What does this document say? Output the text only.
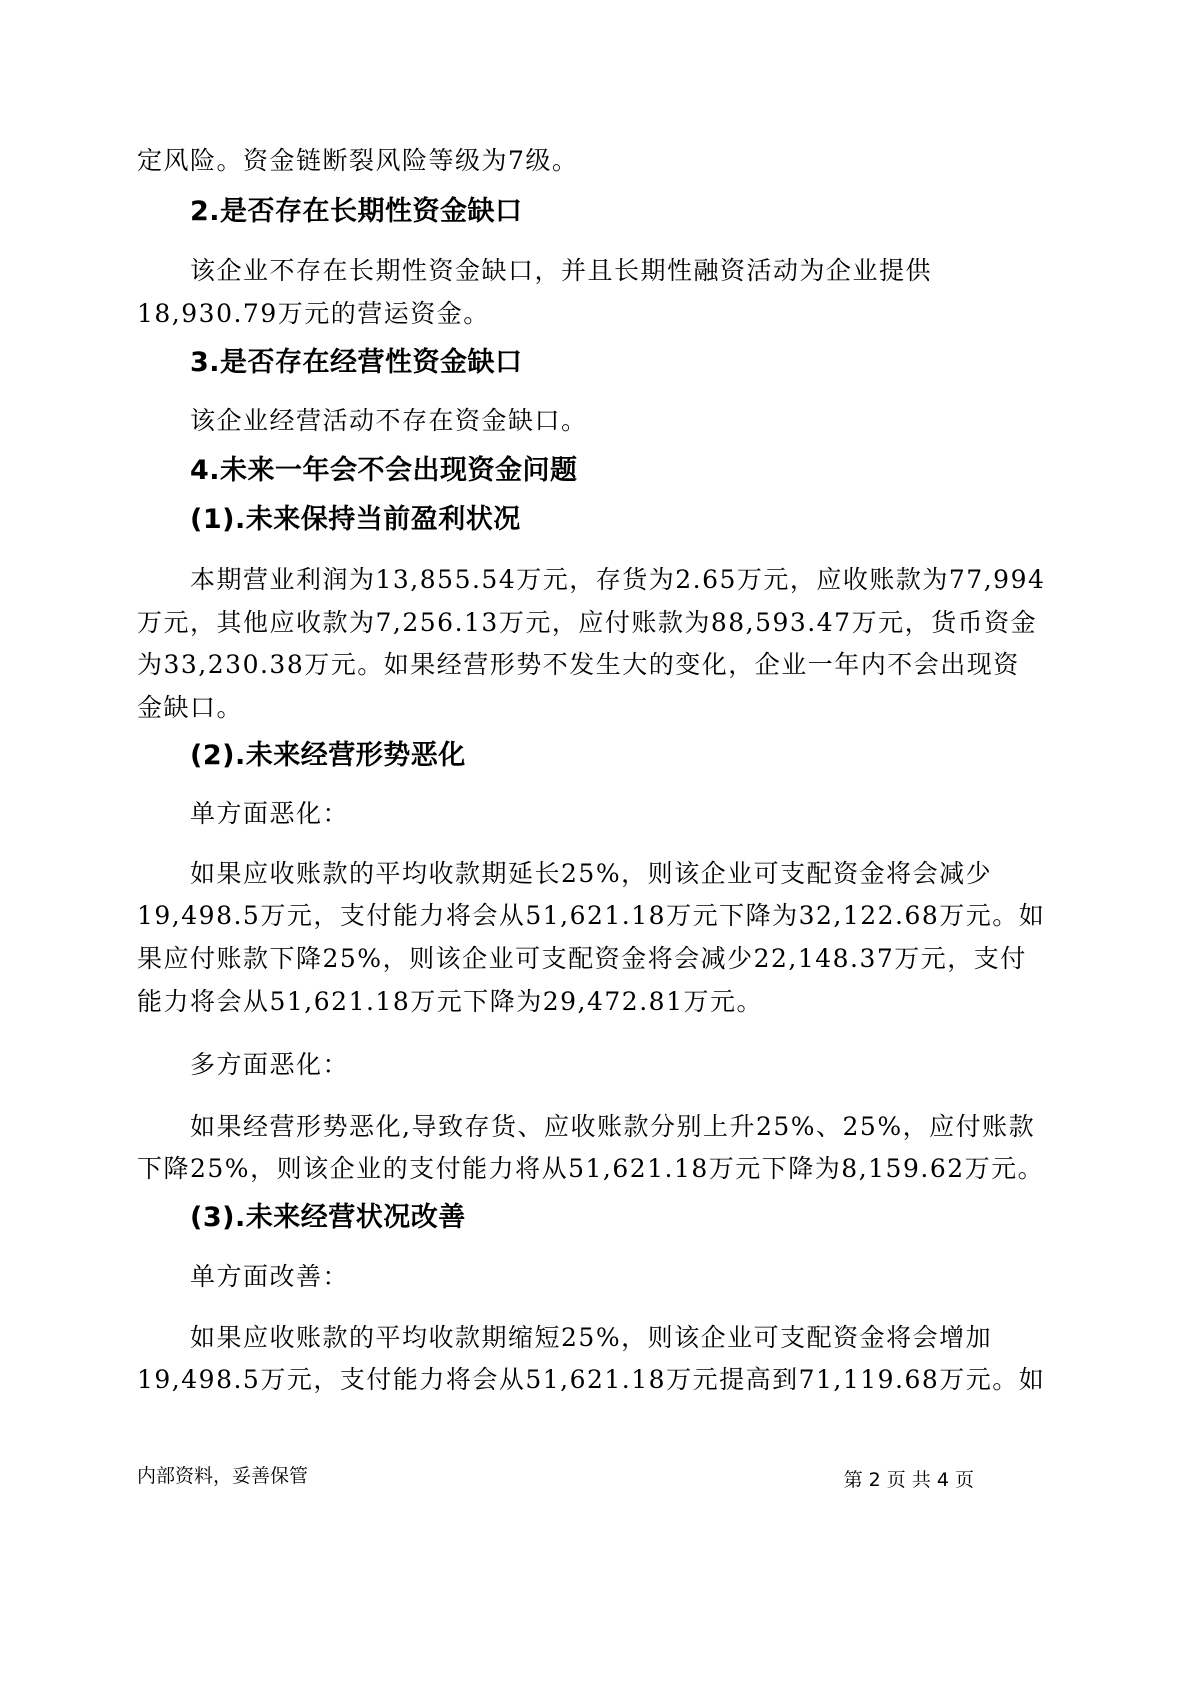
定风险。资金链断裂风险等级为7级。
2.是否存在长期性资金缺口
该企业不存在长期性资金缺口，并且长期性融资活动为企业提供
18,930.79万元的营运资金。
3.是否存在经营性资金缺口
该企业经营活动不存在资金缺口。
4.未来一年会不会出现资金问题
(1).未来保持当前盈利状况
本期营业利润为13,855.54万元，存货为2.65万元，应收账款为77,994
万元，其他应收款为7,256.13万元，应付账款为88,593.47万元，货币资金
为33,230.38万元。如果经营形势不发生大的变化，企业一年内不会出现资
金缺口。
(2).未来经营形势恶化
单方面恶化：
如果应收账款的平均收款期延长25%，则该企业可支配资金将会减少
19,498.5万元，支付能力将会从51,621.18万元下降为32,122.68万元。如
果应付账款下降25%，则该企业可支配资金将会减少22,148.37万元，支付
能力将会从51,621.18万元下降为29,472.81万元。
多方面恶化：
如果经营形势恶化,导致存货、应收账款分别上升25%、25%，应付账款
下降25%，则该企业的支付能力将从51,621.18万元下降为8,159.62万元。
(3).未来经营状况改善
单方面改善：
如果应收账款的平均收款期缩短25%，则该企业可支配资金将会增加
19,498.5万元，支付能力将会从51,621.18万元提高到71,119.68万元。如
内部资料，妥善保管	第 2 页 共 4 页
